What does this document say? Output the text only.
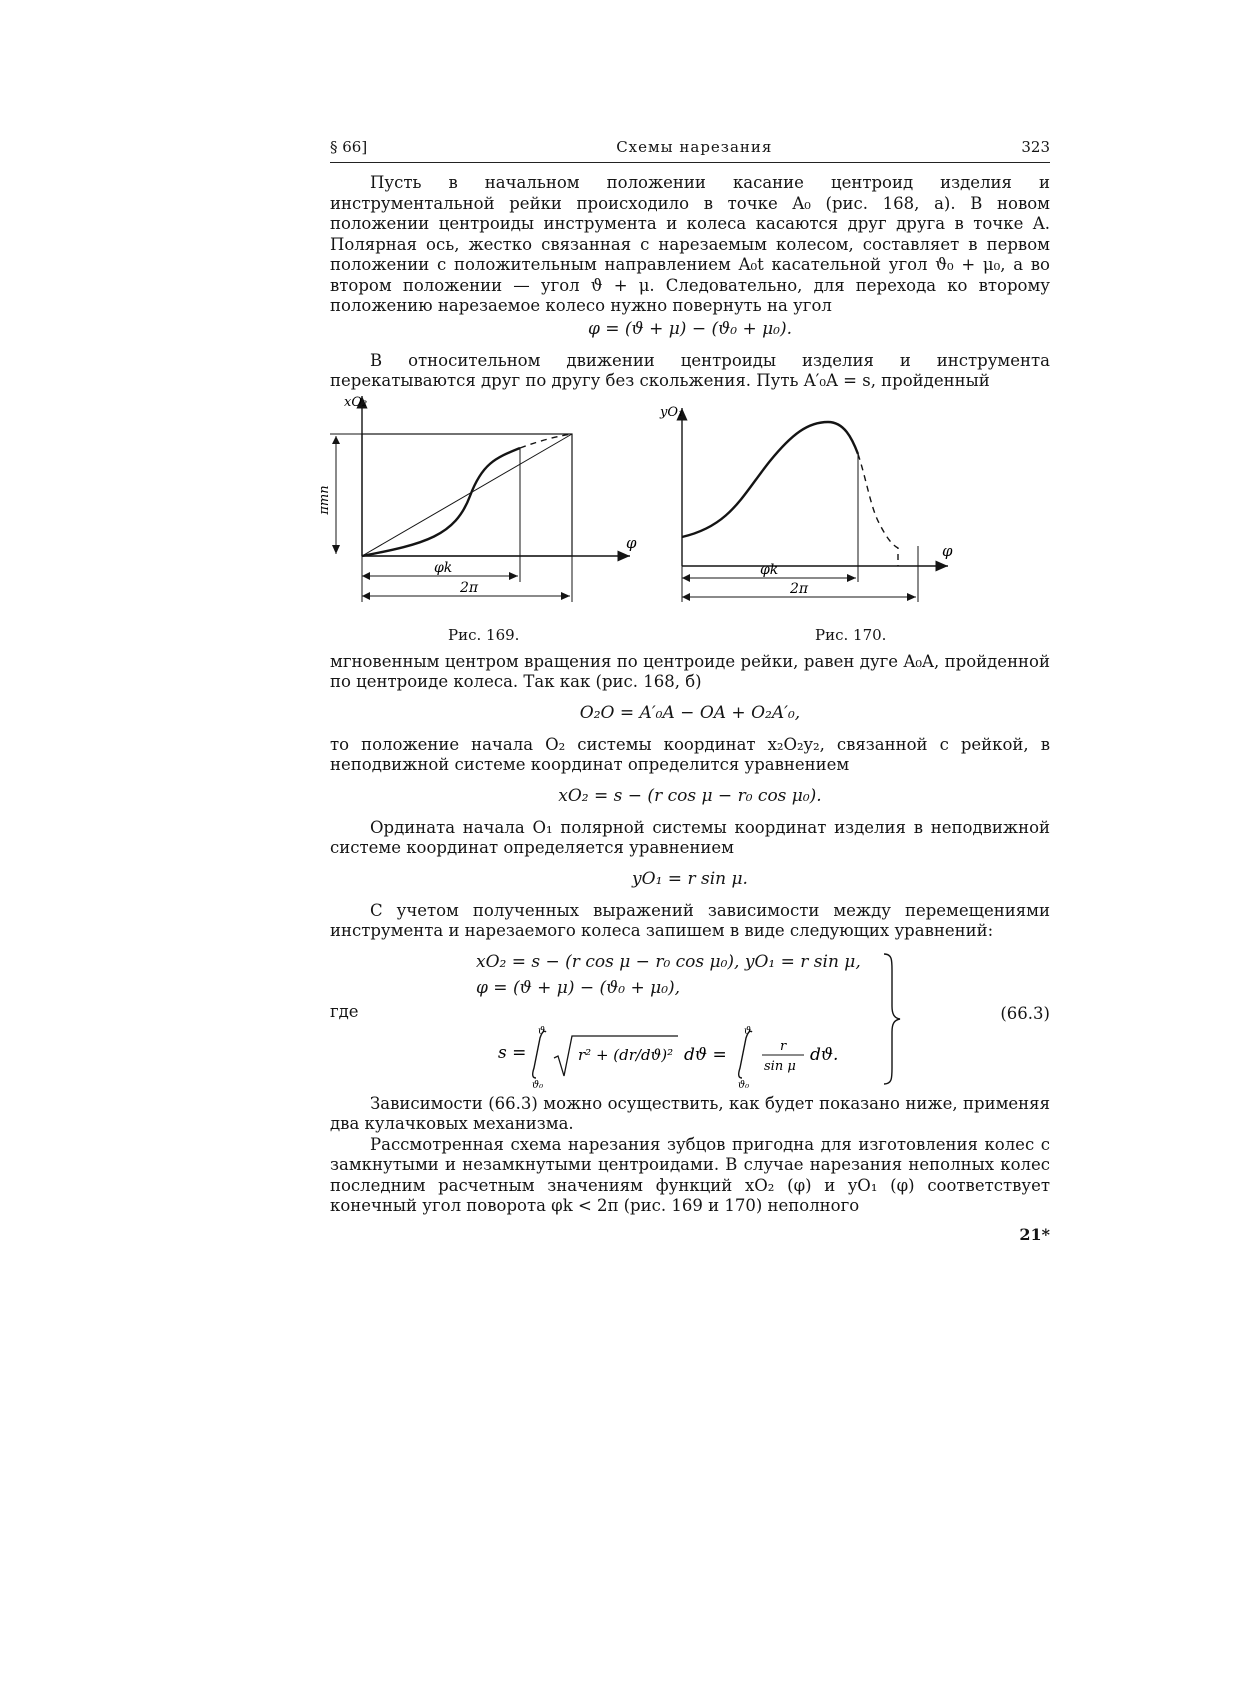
§ 66]	Схемы нарезания	323

Пусть в начальном положении касание центроид изделия и инструментальной рейки происходило в точке A₀ (рис. 168, а). В новом положении центроиды инструмента и колеса касаются друг друга в точке A. Полярная ось, жестко связанная с нарезаемым колесом, составляет в первом положении с положительным направлением A₀t касательной угол ϑ₀ + μ₀, а во втором положении — угол ϑ + μ. Следовательно, для перехода ко второму положению нарезаемое колесо нужно повернуть на угол

φ = (ϑ + μ) − (ϑ₀ + μ₀).

В относительном движении центроиды изделия и инструмента перекатываются друг по другу без скольжения. Путь A′₀A = s, пройденный

xO₂
φ
πmn
φk
2π
yO₁
φ
φk
2π
Рис. 169.	Рис. 170.

мгновенным центром вращения по центроиде рейки, равен дуге A₀A, пройденной по центроиде колеса. Так как (рис. 168, б)

O₂O = A′₀A − OA + O₂A′₀,

то положение начала O₂ системы координат x₂O₂y₂, связанной с рейкой, в неподвижной системе координат определится уравнением

xO₂ = s − (r cos μ − r₀ cos μ₀).

Ордината начала O₁ полярной системы координат изделия в неподвижной системе координат определяется уравнением

yO₁ = r sin μ.

С учетом полученных выражений зависимости между перемещениями инструмента и нарезаемого колеса запишем в виде следующих уравнений:

xO₂ = s − (r cos μ − r₀ cos μ₀), yO₁ = r sin μ,
φ = (ϑ + μ) − (ϑ₀ + μ₀),
где
s =
ϑ
ϑ₀
r² + (dr/dϑ)² dϑ =
ϑ
ϑ₀
r
sin μ
dϑ.
(66.3)

Зависимости (66.3) можно осуществить, как будет показано ниже, применяя два кулачковых механизма.

Рассмотренная схема нарезания зубцов пригодна для изготовления колес с замкнутыми и незамкнутыми центроидами. В случае нарезания неполных колес последним расчетным значениям функций xO₂ (φ) и yO₁ (φ) соответствует конечный угол поворота φk < 2π (рис. 169 и 170) неполного

21*
